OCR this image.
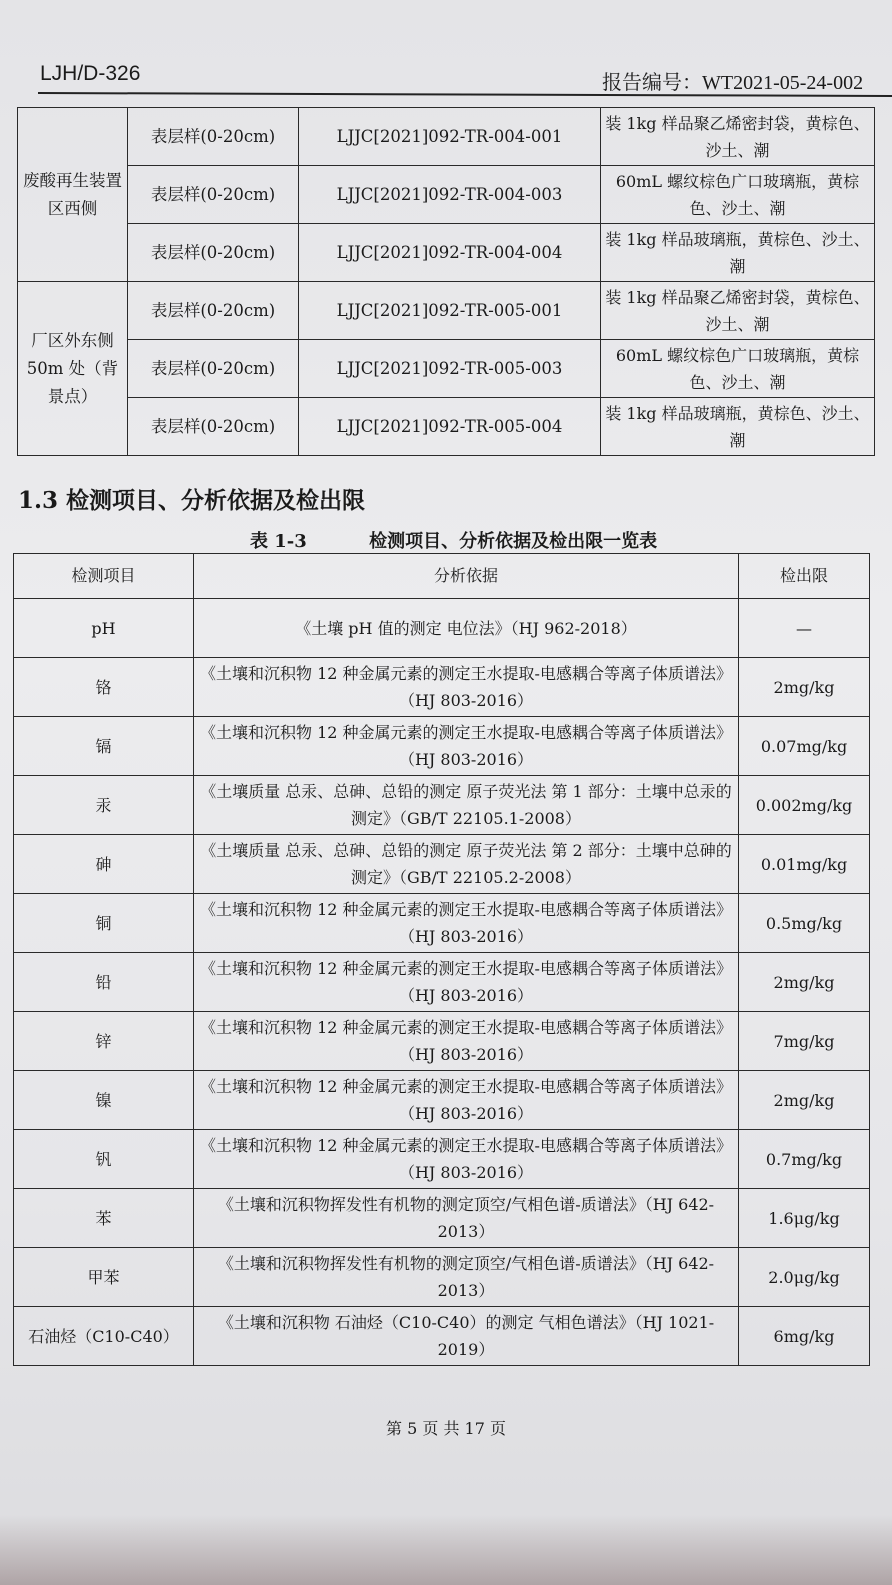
LJH/D-326	报告编号：WT2021-05-24-002
废酸再生装置区西侧	表层样(0-20cm)	LJJC[2021]092-TR-004-001	装 1kg 样品聚乙烯密封袋，黄棕色、沙土、潮
	表层样(0-20cm)	LJJC[2021]092-TR-004-003	60mL 螺纹棕色广口玻璃瓶，黄棕色、沙土、潮
	表层样(0-20cm)	LJJC[2021]092-TR-004-004	装 1kg 样品玻璃瓶，黄棕色、沙土、潮
厂区外东侧50m 处（背景点）	表层样(0-20cm)	LJJC[2021]092-TR-005-001	装 1kg 样品聚乙烯密封袋，黄棕色、沙土、潮
	表层样(0-20cm)	LJJC[2021]092-TR-005-003	60mL 螺纹棕色广口玻璃瓶，黄棕色、沙土、潮
	表层样(0-20cm)	LJJC[2021]092-TR-005-004	装 1kg 样品玻璃瓶，黄棕色、沙土、潮
1.3 检测项目、分析依据及检出限
表 1-3	检测项目、分析依据及检出限一览表
检测项目	分析依据	检出限
pH	《土壤 pH 值的测定 电位法》（HJ 962-2018）	—
铬	《土壤和沉积物 12 种金属元素的测定王水提取-电感耦合等离子体质谱法》（HJ 803-2016）	2mg/kg
镉	《土壤和沉积物 12 种金属元素的测定王水提取-电感耦合等离子体质谱法》（HJ 803-2016）	0.07mg/kg
汞	《土壤质量 总汞、总砷、总铅的测定 原子荧光法 第 1 部分：土壤中总汞的测定》（GB/T 22105.1-2008）	0.002mg/kg
砷	《土壤质量 总汞、总砷、总铅的测定 原子荧光法 第 2 部分：土壤中总砷的测定》（GB/T 22105.2-2008）	0.01mg/kg
铜	《土壤和沉积物 12 种金属元素的测定王水提取-电感耦合等离子体质谱法》（HJ 803-2016）	0.5mg/kg
铅	《土壤和沉积物 12 种金属元素的测定王水提取-电感耦合等离子体质谱法》（HJ 803-2016）	2mg/kg
锌	《土壤和沉积物 12 种金属元素的测定王水提取-电感耦合等离子体质谱法》（HJ 803-2016）	7mg/kg
镍	《土壤和沉积物 12 种金属元素的测定王水提取-电感耦合等离子体质谱法》（HJ 803-2016）	2mg/kg
钒	《土壤和沉积物 12 种金属元素的测定王水提取-电感耦合等离子体质谱法》（HJ 803-2016）	0.7mg/kg
苯	《土壤和沉积物挥发性有机物的测定顶空/气相色谱-质谱法》（HJ 642-2013）	1.6μg/kg
甲苯	《土壤和沉积物挥发性有机物的测定顶空/气相色谱-质谱法》（HJ 642-2013）	2.0μg/kg
石油烃（C10-C40）	《土壤和沉积物 石油烃（C10-C40）的测定 气相色谱法》（HJ 1021-2019）	6mg/kg
第 5 页 共 17 页
